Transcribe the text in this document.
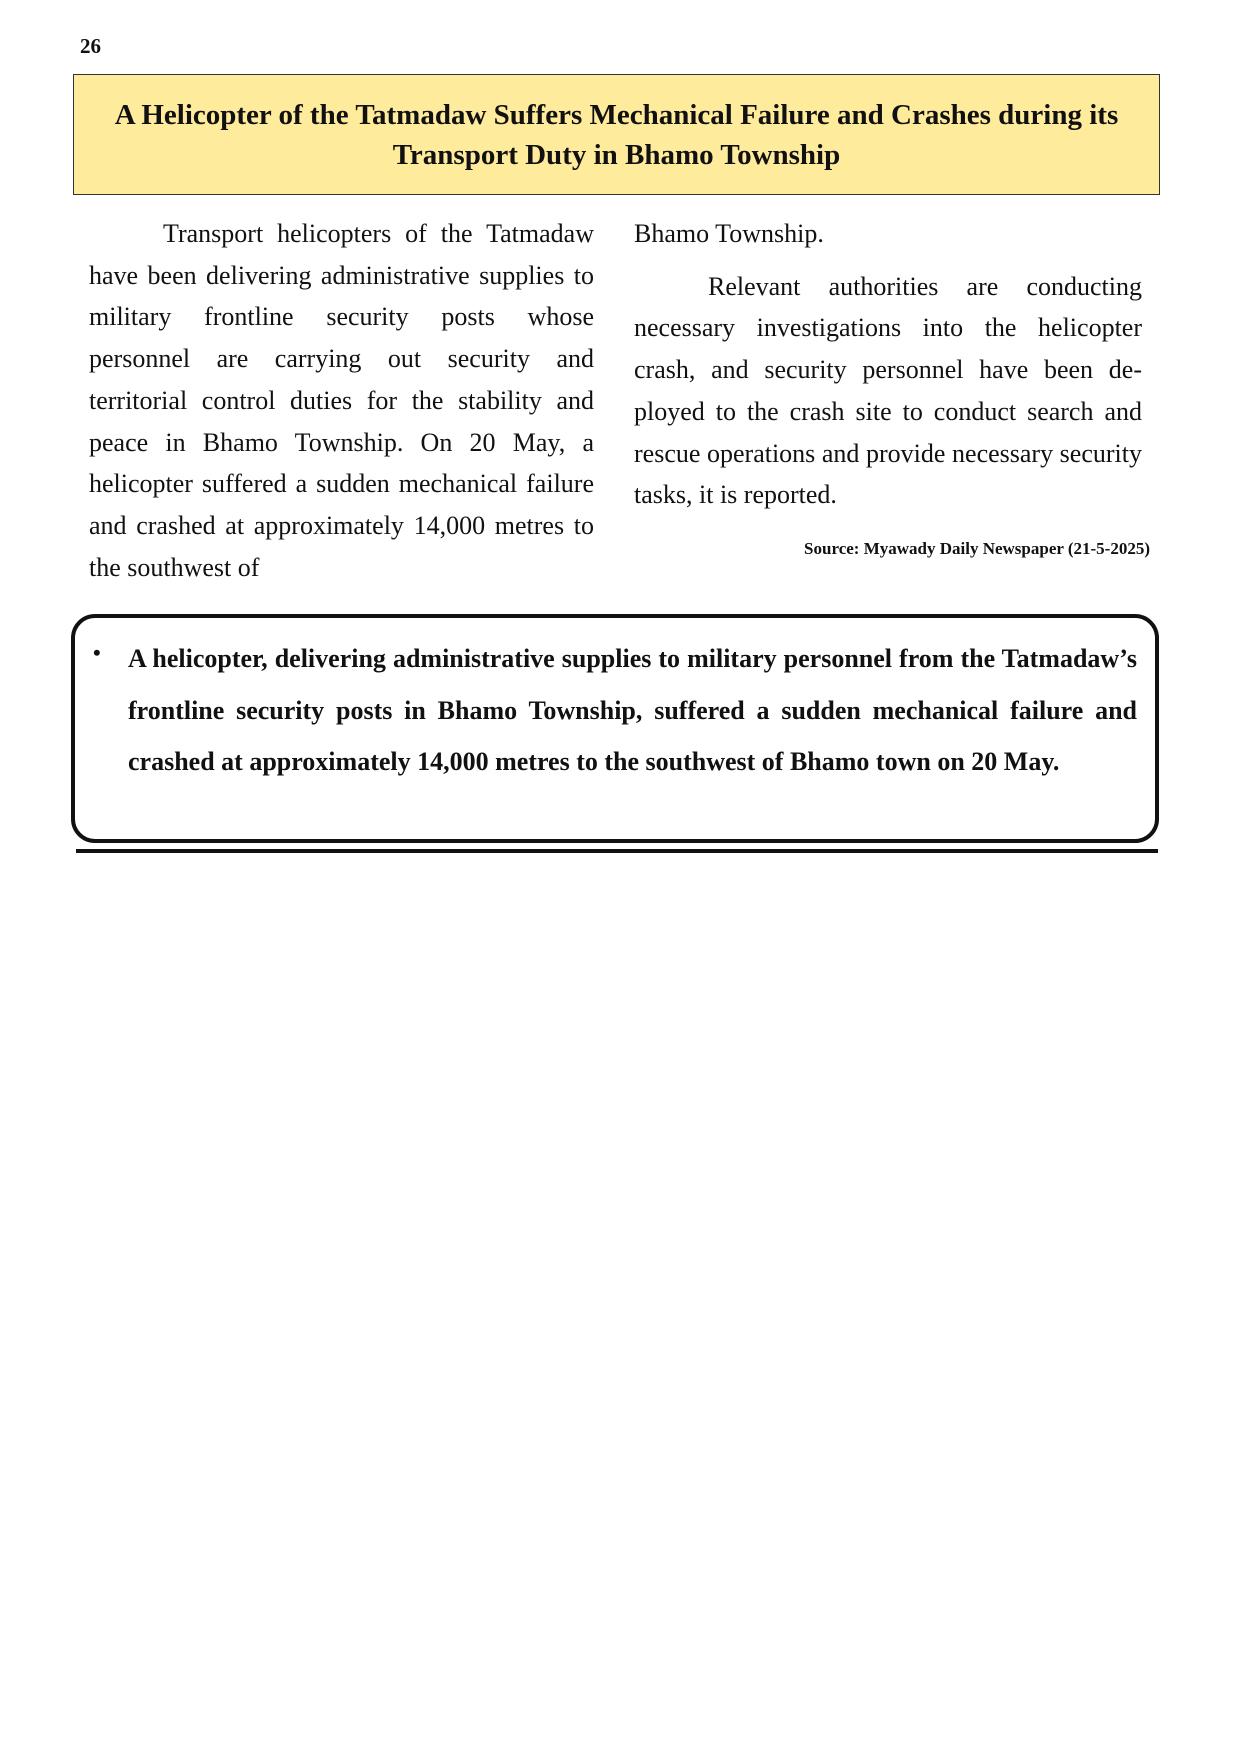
26
A Helicopter of the Tatmadaw Suffers Mechanical Failure and Crashes during its Transport Duty in Bhamo Township

Transport helicopters of the Tatmadaw have been delivering administrative supplies to military frontline security posts whose personnel are carrying out security and territorial control duties for the stability and peace in Bhamo Township. On 20 May, a helicopter suffered a sudden mechanical failure and crashed at approximately 14,000 metres to the southwest of

Bhamo Township.

Relevant authorities are conducting necessary investigations into the helicopter crash, and security personnel have been deployed to the crash site to conduct search and rescue operations and provide necessary security tasks, it is reported.

Source: Myawady Daily Newspaper (21-5-2025)

• A helicopter, delivering administrative supplies to military personnel from the Tatmadaw’s frontline security posts in Bhamo Township, suffered a sudden mechanical failure and crashed at approximately 14,000 metres to the southwest of Bhamo town on 20 May.
